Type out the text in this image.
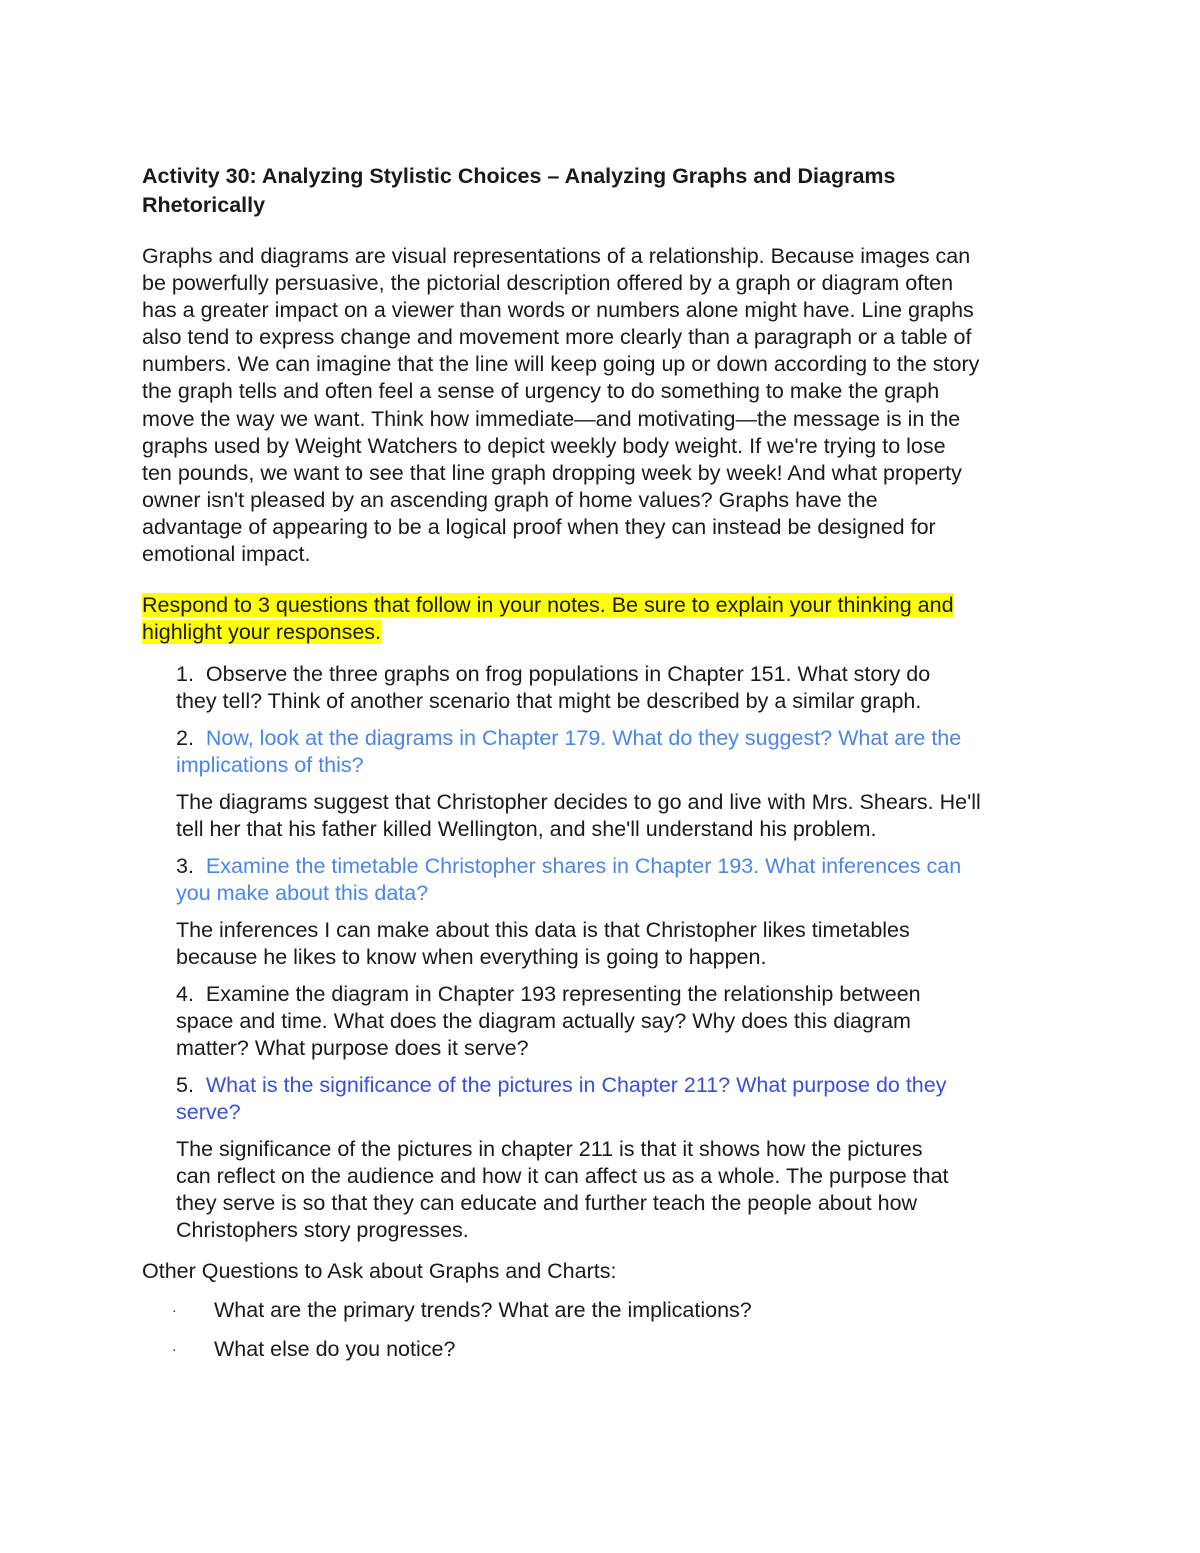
Activity 30: Analyzing Stylistic Choices – Analyzing Graphs and Diagrams
Rhetorically

Graphs and diagrams are visual representations of a relationship. Because images can
be powerfully persuasive, the pictorial description offered by a graph or diagram often
has a greater impact on a viewer than words or numbers alone might have. Line graphs
also tend to express change and movement more clearly than a paragraph or a table of
numbers. We can imagine that the line will keep going up or down according to the story
the graph tells and often feel a sense of urgency to do something to make the graph
move the way we want. Think how immediate—and motivating—the message is in the
graphs used by Weight Watchers to depict weekly body weight. If we're trying to lose
ten pounds, we want to see that line graph dropping week by week! And what property
owner isn't pleased by an ascending graph of home values? Graphs have the
advantage of appearing to be a logical proof when they can instead be designed for
emotional impact.

Respond to 3 questions that follow in your notes. Be sure to explain your thinking and
highlight your responses.

1. Observe the three graphs on frog populations in Chapter 151. What story do
they tell? Think of another scenario that might be described by a similar graph.
2. Now, look at the diagrams in Chapter 179. What do they suggest? What are the
implications of this?
The diagrams suggest that Christopher decides to go and live with Mrs. Shears. He'll
tell her that his father killed Wellington, and she'll understand his problem.
3. Examine the timetable Christopher shares in Chapter 193. What inferences can
you make about this data?
The inferences I can make about this data is that Christopher likes timetables
because he likes to know when everything is going to happen.
4. Examine the diagram in Chapter 193 representing the relationship between
space and time. What does the diagram actually say? Why does this diagram
matter? What purpose does it serve?
5. What is the significance of the pictures in Chapter 211? What purpose do they
serve?
The significance of the pictures in chapter 211 is that it shows how the pictures
can reflect on the audience and how it can affect us as a whole. The purpose that
they serve is so that they can educate and further teach the people about how
Christophers story progresses.

Other Questions to Ask about Graphs and Charts:

· What are the primary trends? What are the implications?
· What else do you notice?
